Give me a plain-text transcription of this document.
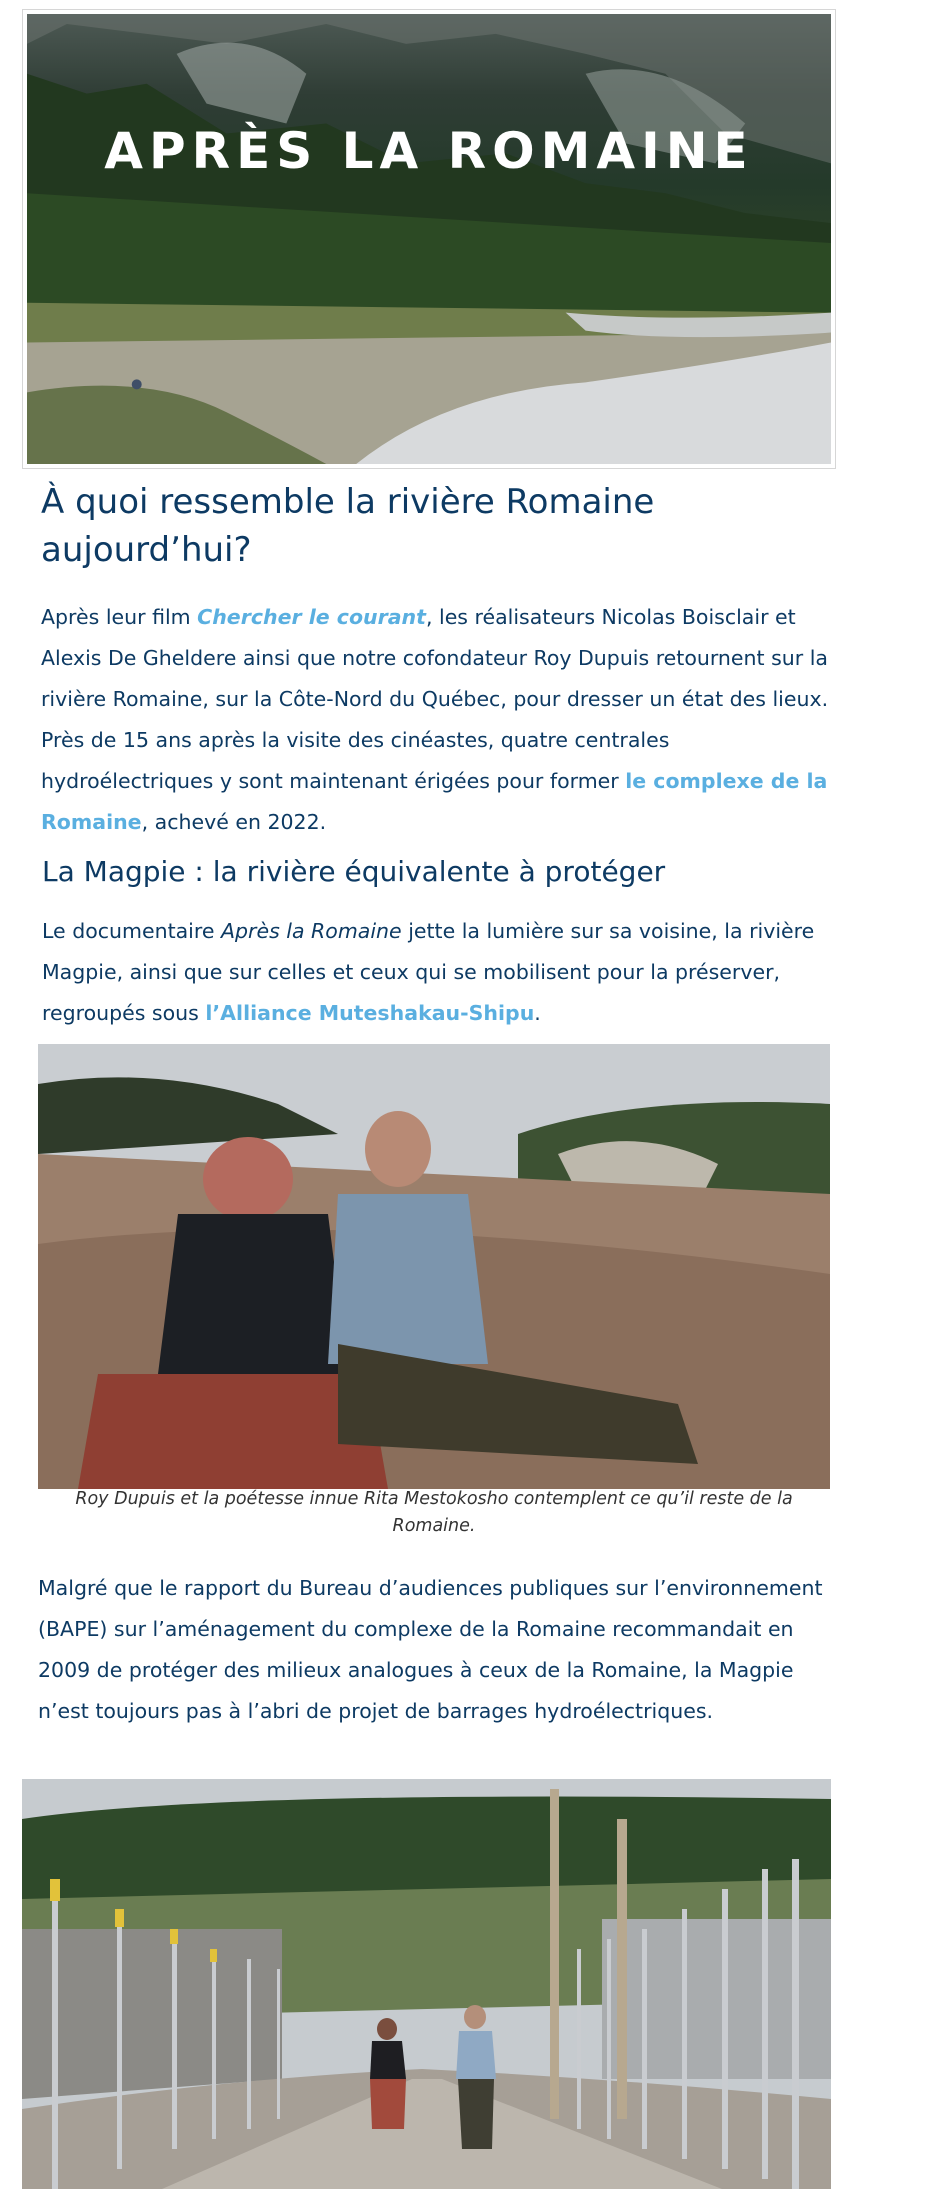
APRÈS LA ROMAINE
À quoi ressemble la rivière Romaine aujourd’hui?

Après leur film Chercher le courant, les réalisateurs Nicolas Boisclair et Alexis De Gheldere ainsi que notre cofondateur Roy Dupuis retournent sur la rivière Romaine, sur la Côte-Nord du Québec, pour dresser un état des lieux. Près de 15 ans après la visite des cinéastes, quatre centrales hydroélectriques y sont maintenant érigées pour former le complexe de la Romaine, achevé en 2022.

La Magpie : la rivière équivalente à protéger

Le documentaire Après la Romaine jette la lumière sur sa voisine, la rivière Magpie, ainsi que sur celles et ceux qui se mobilisent pour la préserver, regroupés sous l’Alliance Muteshakau-Shipu.

Roy Dupuis et la poétesse innue Rita Mestokosho contemplent ce qu’il reste de la Romaine.

Malgré que le rapport du Bureau d’audiences publiques sur l’environnement (BAPE) sur l’aménagement du complexe de la Romaine recommandait en 2009 de protéger des milieux analogues à ceux de la Romaine, la Magpie n’est toujours pas à l’abri de projet de barrages hydroélectriques.
